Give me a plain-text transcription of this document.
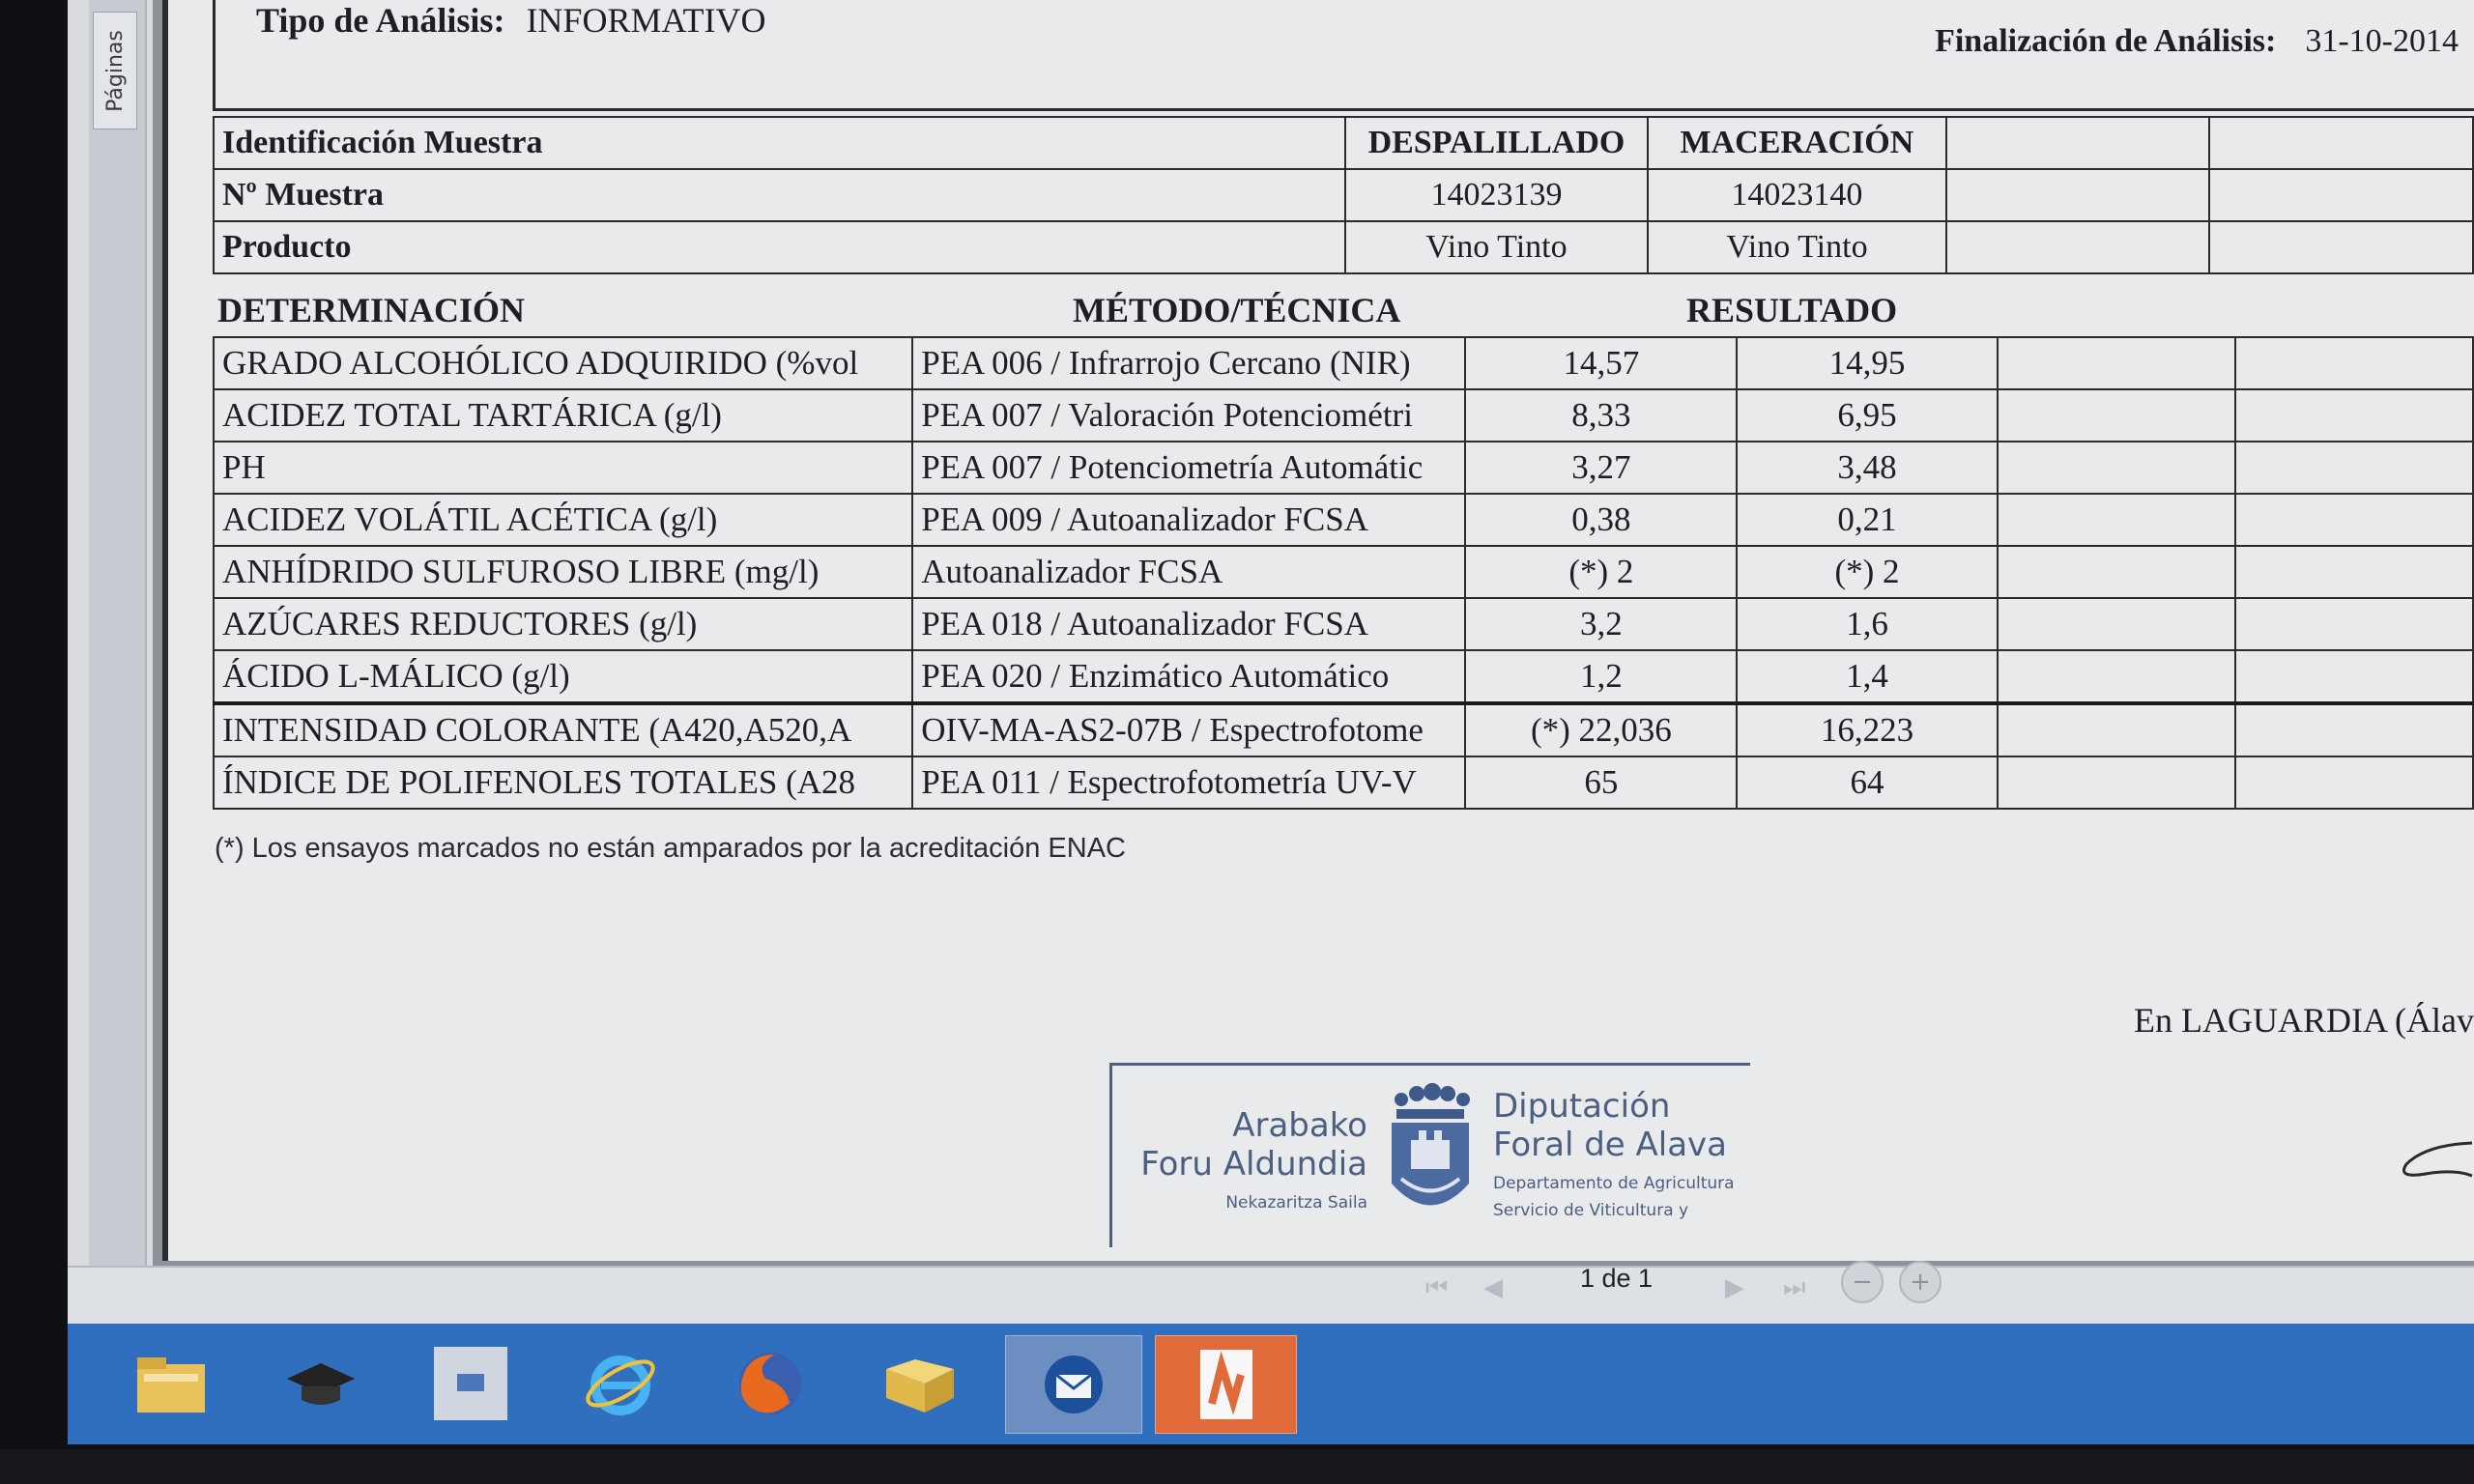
Páginas
Tipo de Análisis: INFORMATIVO
Finalización de Análisis: 31-10-2014
Identificación Muestra	DESPALILLADO	MACERACIÓN		
Nº Muestra	14023139	14023140		
Producto	Vino Tinto	Vino Tinto		
DETERMINACIÓN	MÉTODO/TÉCNICA	RESULTADO
GRADO ALCOHÓLICO ADQUIRIDO (%vol	PEA 006 / Infrarrojo Cercano (NIR)	14,57	14,95		
ACIDEZ TOTAL TARTÁRICA (g/l)	PEA 007 / Valoración Potenciométri	8,33	6,95		
PH	PEA 007 / Potenciometría Automátic	3,27	3,48		
ACIDEZ VOLÁTIL ACÉTICA (g/l)	PEA 009 / Autoanalizador FCSA	0,38	0,21		
ANHÍDRIDO SULFUROSO LIBRE (mg/l)	Autoanalizador FCSA	(*) 2	(*) 2		
AZÚCARES REDUCTORES (g/l)	PEA 018 / Autoanalizador FCSA	3,2	1,6		
ÁCIDO L-MÁLICO (g/l)	PEA 020 / Enzimático Automático	1,2	1,4		
INTENSIDAD COLORANTE (A420,A520,A	OIV-MA-AS2-07B / Espectrofotome	(*) 22,036	16,223		
ÍNDICE DE POLIFENOLES TOTALES (A28	PEA 011 / Espectrofotometría UV-V	65	64		
(*) Los ensayos marcados no están amparados por la acreditación ENAC
En LAGUARDIA (Álav
Arabako
Foru Aldundia
Nekazaritza Saila
Diputación
Foral de Alava
Departamento de Agricultura
Servicio de Viticultura y
⏮ ◀	1 de 1	▶ ⏭ − +
